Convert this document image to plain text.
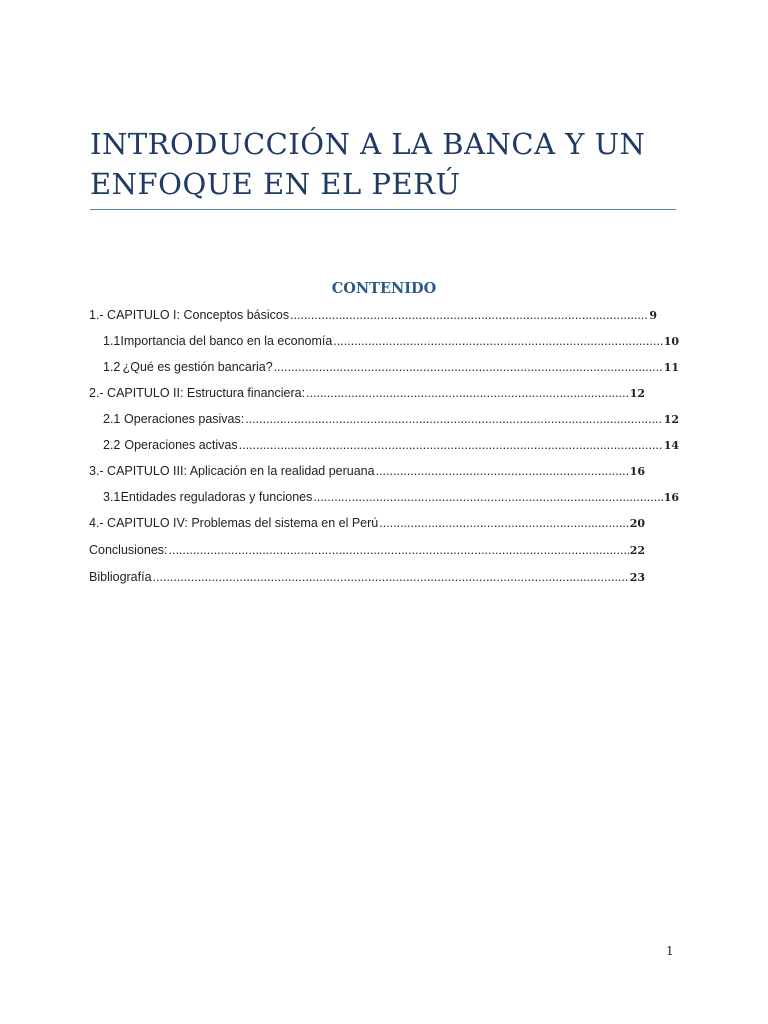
INTRODUCCIÓN A LA BANCA Y UN
ENFOQUE EN EL PERÚ
CONTENIDO
1.- CAPITULO I: Conceptos básicos .....	9
1.1 Importancia del banco en la economía .....	10
1.2 ¿Qué es gestión bancaria? .....	11
2.- CAPITULO II: Estructura financiera: .....	12
2.1 Operaciones pasivas: .....	12
2.2 Operaciones activas .....	14
3.- CAPITULO III: Aplicación en la realidad peruana .....	16
3.1 Entidades reguladoras y funciones .....	16
4.- CAPITULO IV: Problemas del sistema en el Perú .....	20
Conclusiones: .....	22
Bibliografía .....	23
1
